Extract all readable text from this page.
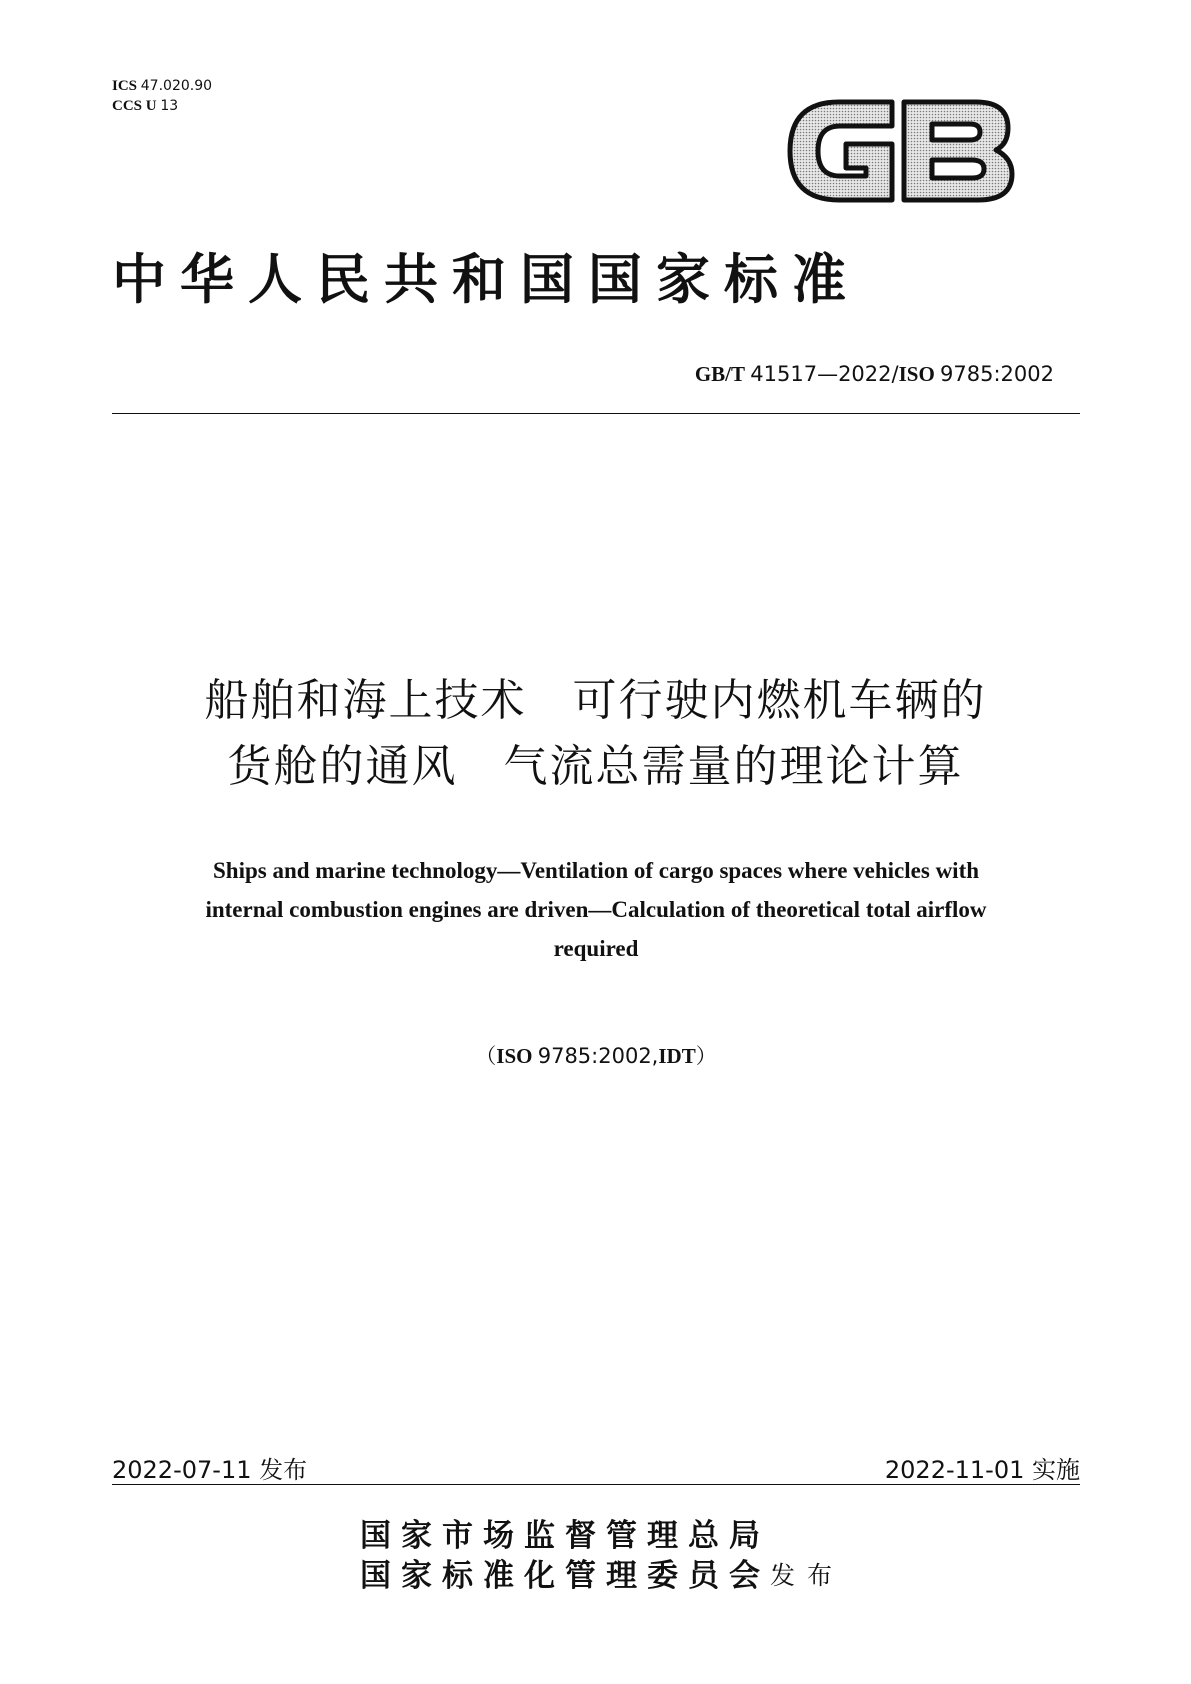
ICS 47.020.90
CCS U 13
中华人民共和国国家标准
GB/T 41517—2022/ISO 9785:2002
船舶和海上技术　可行驶内燃机车辆的
货舱的通风　气流总需量的理论计算
Ships and marine technology—Ventilation of cargo spaces where vehicles with
internal combustion engines are driven—Calculation of theoretical total airflow
required
（ISO 9785:2002,IDT）
2022-07-11 发布	2022-11-01 实施
国家市场监督管理总局
国家标准化管理委员会 发布
